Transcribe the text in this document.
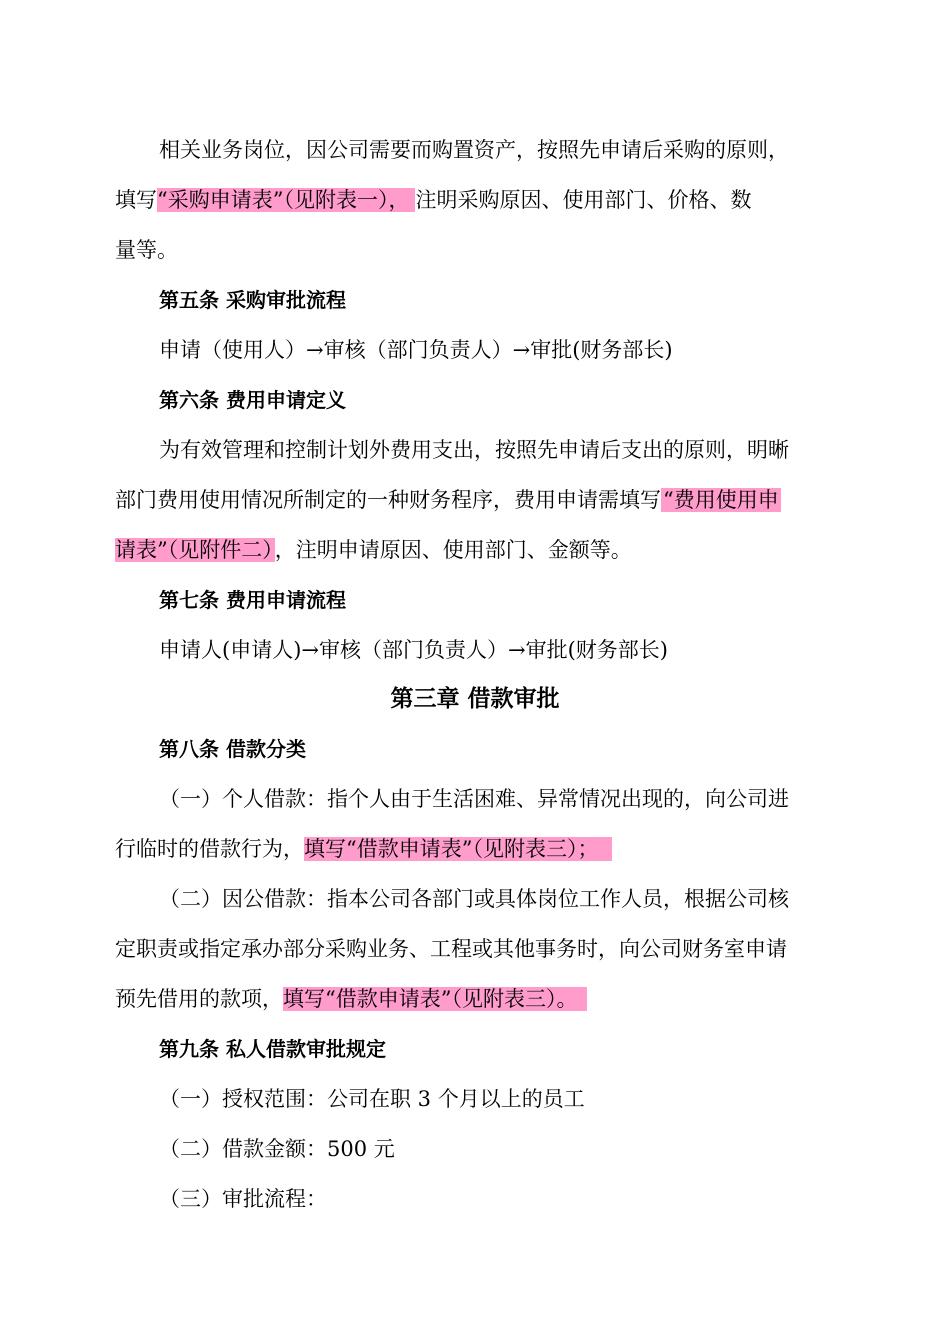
相关业务岗位，因公司需要而购置资产，按照先申请后采购的原则，
填写“采购申请表”（见附表一）， 注明采购原因、使用部门、价格、数
量等。
第五条 采购审批流程
申请（使用人）→审核（部门负责人）→审批(财务部长)
第六条 费用申请定义
为有效管理和控制计划外费用支出，按照先申请后支出的原则，明晰
部门费用使用情况所制定的一种财务程序，费用申请需填写“费用使用申
请表”（见附件二），注明申请原因、使用部门、金额等。
第七条 费用申请流程
申请人(申请人)→审核（部门负责人）→审批(财务部长)
第三章 借款审批
第八条 借款分类
（一）个人借款：指个人由于生活困难、异常情况出现的，向公司进
行临时的借款行为，填写“借款申请表”（见附表三）；
（二）因公借款：指本公司各部门或具体岗位工作人员，根据公司核
定职责或指定承办部分采购业务、工程或其他事务时，向公司财务室申请
预先借用的款项，填写“借款申请表”（见附表三）。
第九条 私人借款审批规定
（一）授权范围：公司在职 3 个月以上的员工
（二）借款金额：500 元
（三）审批流程：
